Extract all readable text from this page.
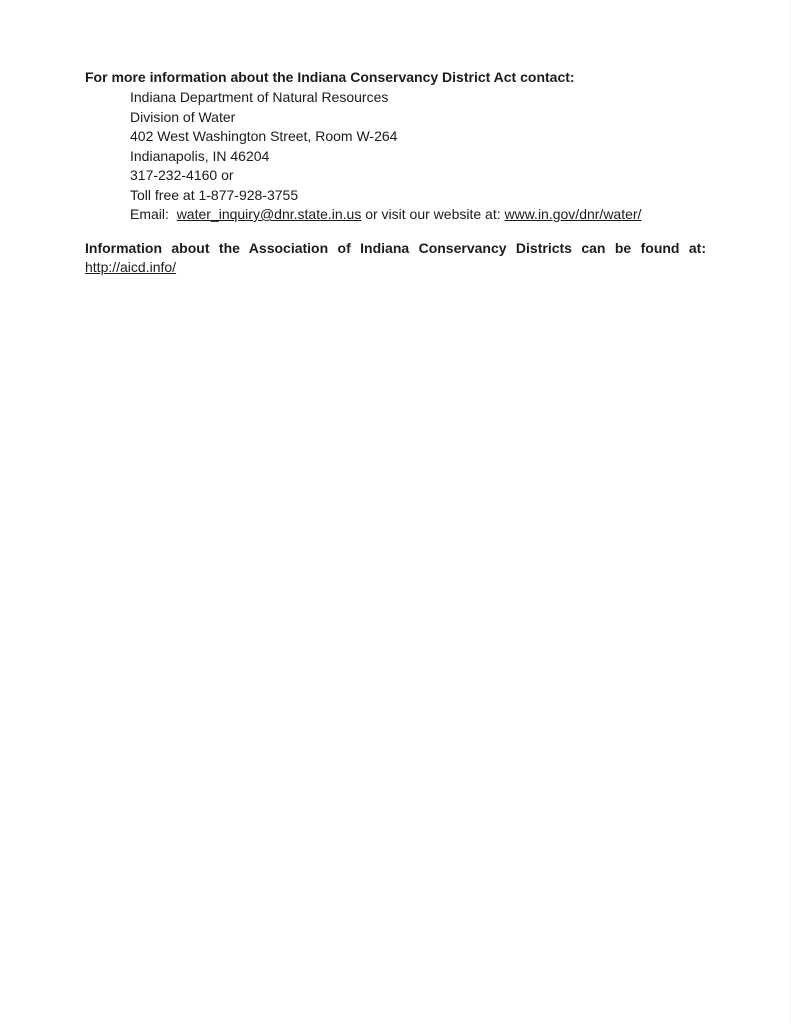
For more information about the Indiana Conservancy District Act contact:
Indiana Department of Natural Resources
Division of Water
402 West Washington Street, Room W-264
Indianapolis, IN 46204
317-232-4160 or
Toll free at 1-877-928-3755
Email: water_inquiry@dnr.state.in.us or visit our website at: www.in.gov/dnr/water/
Information about the Association of Indiana Conservancy Districts can be found at:
http://aicd.info/
